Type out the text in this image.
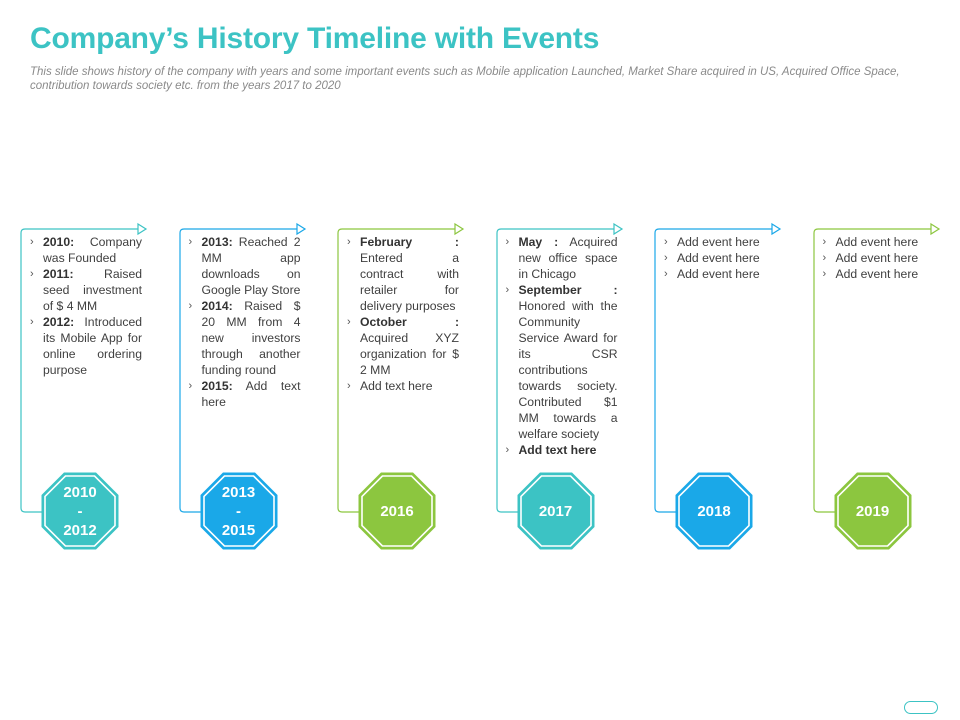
Company’s History Timeline with Events

This slide shows history of the company with years and some important events such as Mobile application Launched, Market Share acquired in US, Acquired Office Space, contribution towards society etc. from the years 2017 to 2020

› 2010: Company was Founded
› 2011: Raised seed investment of $ 4 MM
› 2012: Introduced its Mobile App for online ordering purpose
2010
-
2012
› 2013: Reached 2 MM app downloads on Google Play Store
› 2014: Raised $ 20 MM from 4 new investors through another funding round
› 2015: Add text here
2013
-
2015
› February : Entered a contract with retailer for delivery purposes
› October : Acquired XYZ organization for $ 2 MM
› Add text here
2016
› May : Acquired new office space in Chicago
› September : Honored with the Community Service Award for its CSR contributions towards society. Contributed $1 MM towards a welfare society
› Add text here
2017
› Add event here
› Add event here
› Add event here
2018
› Add event here
› Add event here
› Add event here
2019
